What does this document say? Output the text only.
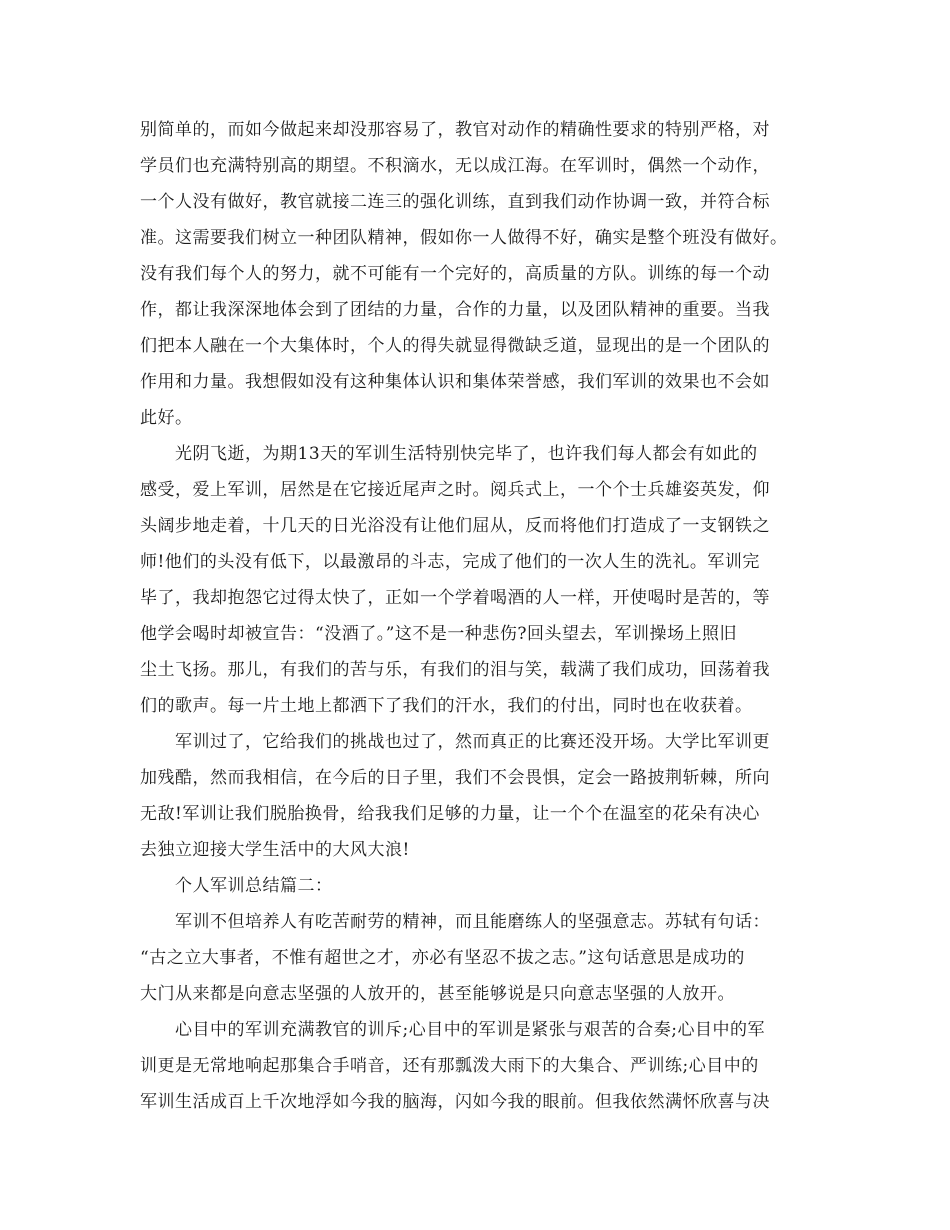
别简单的，而如今做起来却没那容易了，教官对动作的精确性要求的特别严格，对
学员们也充满特别高的期望。不积滴水，无以成江海。在军训时，偶然一个动作，
一个人没有做好，教官就接二连三的强化训练，直到我们动作协调一致，并符合标
准。这需要我们树立一种团队精神，假如你一人做得不好，确实是整个班没有做好。
没有我们每个人的努力，就不可能有一个完好的，高质量的方队。训练的每一个动
作，都让我深深地体会到了团结的力量，合作的力量，以及团队精神的重要。当我
们把本人融在一个大集体时，个人的得失就显得微缺乏道，显现出的是一个团队的
作用和力量。我想假如没有这种集体认识和集体荣誉感，我们军训的效果也不会如
此好。
光阴飞逝，为期13天的军训生活特别快完毕了，也许我们每人都会有如此的
感受，爱上军训，居然是在它接近尾声之时。阅兵式上，一个个士兵雄姿英发，仰
头阔步地走着，十几天的日光浴没有让他们屈从，反而将他们打造成了一支钢铁之
师!他们的头没有低下，以最激昂的斗志，完成了他们的一次人生的洗礼。军训完
毕了，我却抱怨它过得太快了，正如一个学着喝酒的人一样，开使喝时是苦的，等
他学会喝时却被宣告：“没酒了。”这不是一种悲伤?回头望去，军训操场上照旧
尘土飞扬。那儿，有我们的苦与乐，有我们的泪与笑，载满了我们成功，回荡着我
们的歌声。每一片土地上都洒下了我们的汗水，我们的付出，同时也在收获着。
军训过了，它给我们的挑战也过了，然而真正的比赛还没开场。大学比军训更
加残酷，然而我相信，在今后的日子里，我们不会畏惧，定会一路披荆斩棘，所向
无敌!军训让我们脱胎换骨，给我我们足够的力量，让一个个在温室的花朵有决心
去独立迎接大学生活中的大风大浪!
个人军训总结篇二：
军训不但培养人有吃苦耐劳的精神，而且能磨练人的坚强意志。苏轼有句话：
“古之立大事者，不惟有超世之才，亦必有坚忍不拔之志。”这句话意思是成功的
大门从来都是向意志坚强的人放开的，甚至能够说是只向意志坚强的人放开。
心目中的军训充满教官的训斥;心目中的军训是紧张与艰苦的合奏;心目中的军
训更是无常地响起那集合手哨音，还有那瓢泼大雨下的大集合、严训练;心目中的
军训生活成百上千次地浮如今我的脑海，闪如今我的眼前。但我依然满怀欣喜与决
